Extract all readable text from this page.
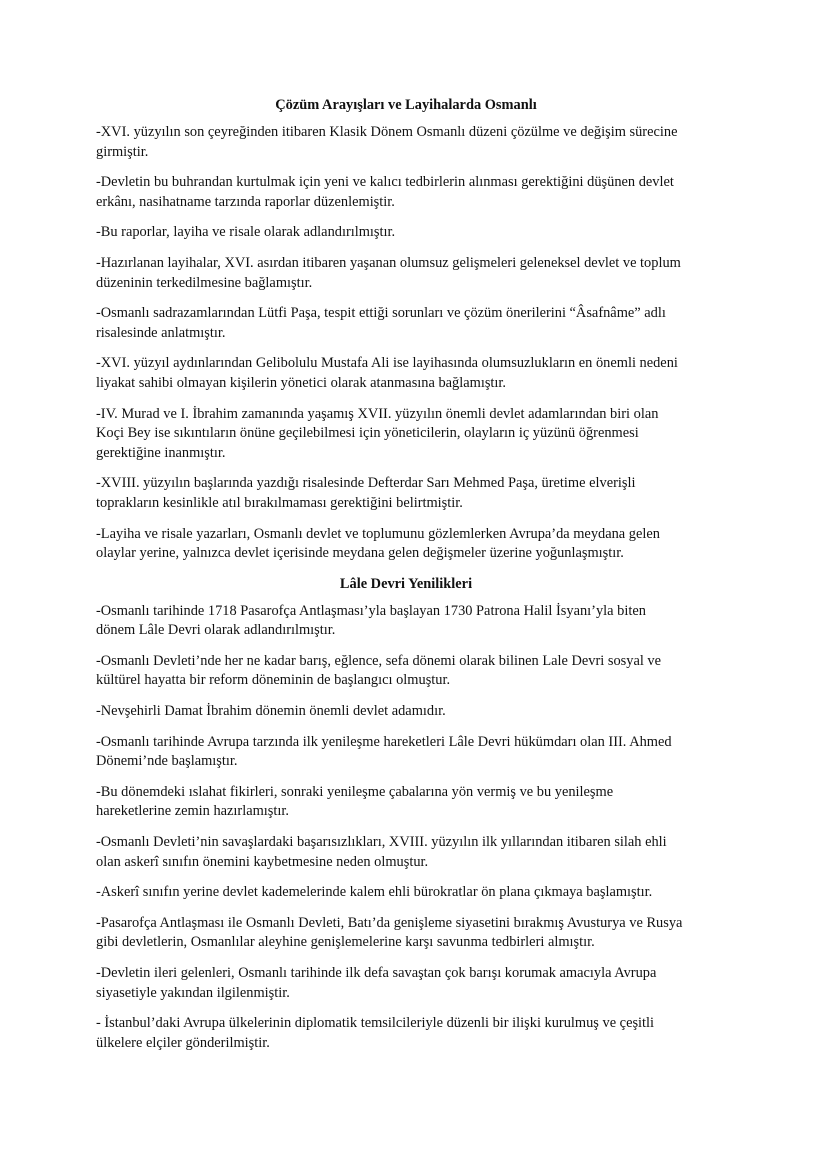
Çözüm Arayışları ve Layihalarda Osmanlı

-XVI. yüzyılın son çeyreğinden itibaren Klasik Dönem Osmanlı düzeni çözülme ve değişim sürecine
girmiştir.

-Devletin bu buhrandan kurtulmak için yeni ve kalıcı tedbirlerin alınması gerektiğini düşünen devlet
erkânı, nasihatname tarzında raporlar düzenlemiştir.

-Bu raporlar, layiha ve risale olarak adlandırılmıştır.

-Hazırlanan layihalar, XVI. asırdan itibaren yaşanan olumsuz gelişmeleri geleneksel devlet ve toplum
düzeninin terkedilmesine bağlamıştır.

-Osmanlı sadrazamlarından Lütfi Paşa, tespit ettiği sorunları ve çözüm önerilerini “Âsafnâme” adlı
risalesinde anlatmıştır.

-XVI. yüzyıl aydınlarından Gelibolulu Mustafa Ali ise layihasında olumsuzlukların en önemli nedeni
liyakat sahibi olmayan kişilerin yönetici olarak atanmasına bağlamıştır.

-IV. Murad ve I. İbrahim zamanında yaşamış XVII. yüzyılın önemli devlet adamlarından biri olan
Koçi Bey ise sıkıntıların önüne geçilebilmesi için yöneticilerin, olayların iç yüzünü öğrenmesi
gerektiğine inanmıştır.

-XVIII. yüzyılın başlarında yazdığı risalesinde Defterdar Sarı Mehmed Paşa, üretime elverişli
toprakların kesinlikle atıl bırakılmaması gerektiğini belirtmiştir.

-Layiha ve risale yazarları, Osmanlı devlet ve toplumunu gözlemlerken Avrupa’da meydana gelen
olaylar yerine, yalnızca devlet içerisinde meydana gelen değişmeler üzerine yoğunlaşmıştır.

Lâle Devri Yenilikleri

-Osmanlı tarihinde 1718 Pasarofça Antlaşması’yla başlayan 1730 Patrona Halil İsyanı’yla biten
dönem Lâle Devri olarak adlandırılmıştır.

-Osmanlı Devleti’nde her ne kadar barış, eğlence, sefa dönemi olarak bilinen Lale Devri sosyal ve
kültürel hayatta bir reform döneminin de başlangıcı olmuştur.

-Nevşehirli Damat İbrahim dönemin önemli devlet adamıdır.

-Osmanlı tarihinde Avrupa tarzında ilk yenileşme hareketleri Lâle Devri hükümdarı olan III. Ahmed
Dönemi’nde başlamıştır.

-Bu dönemdeki ıslahat fikirleri, sonraki yenileşme çabalarına yön vermiş ve bu yenileşme
hareketlerine zemin hazırlamıştır.

-Osmanlı Devleti’nin savaşlardaki başarısızlıkları, XVIII. yüzyılın ilk yıllarından itibaren silah ehli
olan askerî sınıfın önemini kaybetmesine neden olmuştur.

-Askerî sınıfın yerine devlet kademelerinde kalem ehli bürokratlar ön plana çıkmaya başlamıştır.

-Pasarofça Antlaşması ile Osmanlı Devleti, Batı’da genişleme siyasetini bırakmış Avusturya ve Rusya
gibi devletlerin, Osmanlılar aleyhine genişlemelerine karşı savunma tedbirleri almıştır.

-Devletin ileri gelenleri, Osmanlı tarihinde ilk defa savaştan çok barışı korumak amacıyla Avrupa
siyasetiyle yakından ilgilenmiştir.

- İstanbul’daki Avrupa ülkelerinin diplomatik temsilcileriyle düzenli bir ilişki kurulmuş ve çeşitli
ülkelere elçiler gönderilmiştir.
